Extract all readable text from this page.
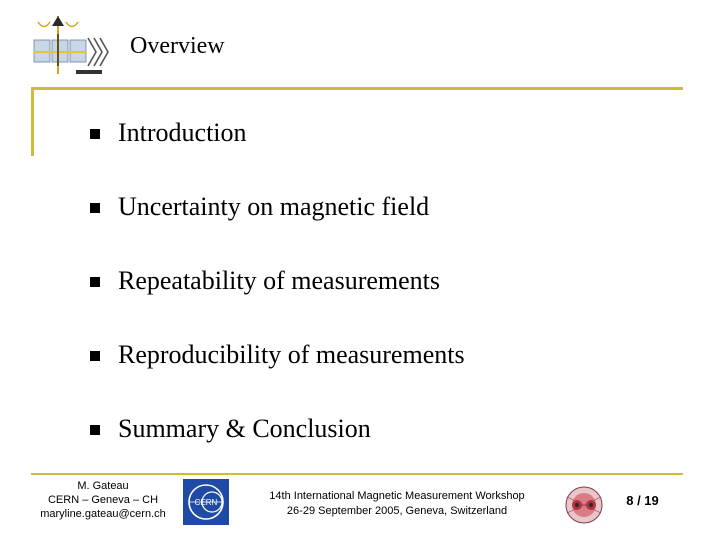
Overview
Introduction
Uncertainty on magnetic field
Repeatability of measurements
Reproducibility of measurements
Summary & Conclusion
M. Gateau
CERN – Geneva – CH
maryline.gateau@cern.ch
CERN
14th International Magnetic Measurement Workshop
26-29 September 2005, Geneva, Switzerland
8 / 19
